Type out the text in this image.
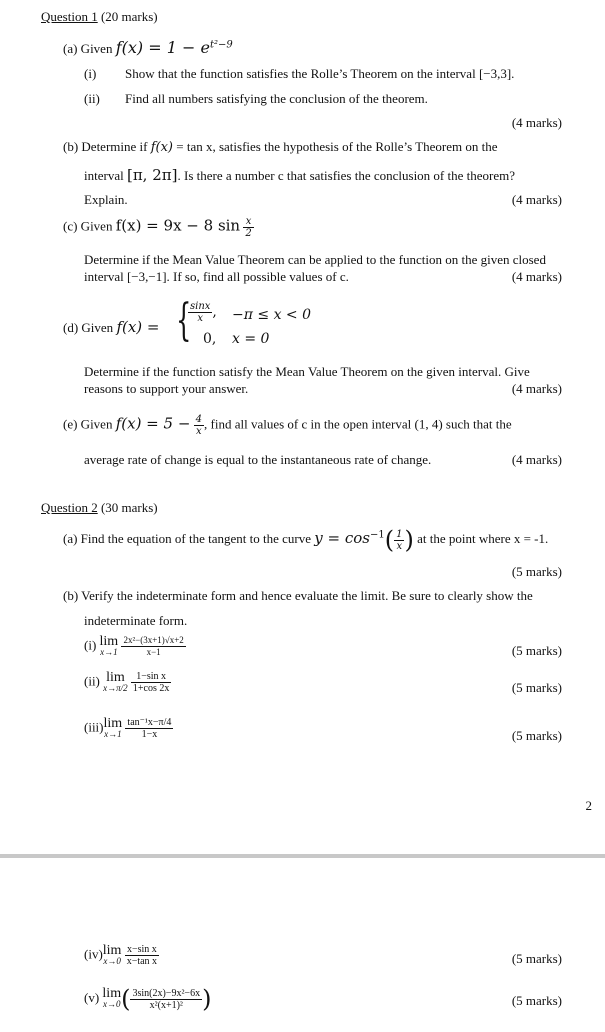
Question 1 (20 marks)
(a) Given $f(x) = 1 - e^{t^2-9}$
(i) Show that the function satisfies the Rolle’s Theorem on the interval [−3,3].
(ii) Find all numbers satisfying the conclusion of the theorem.
(4 marks)
(b) Determine if f(x) = tan x, satisfies the hypothesis of the Rolle’s Theorem on the
interval [π, 2π]. Is there a number c that satisfies the conclusion of the theorem?
Explain.	(4 marks)
(c) Given f(x) = 9x − 8 $\sin \frac{x}{2}$
Determine if the Mean Value Theorem can be applied to the function on the given closed
interval [−3,−1]. If so, find all possible values of c.	(4 marks)
(d) Given f(x) = {
$\frac{\sin x}{x}$ , −π ≤ x < 0
0, x = 0
Determine if the function satisfy the Mean Value Theorem on the given interval. Give
reasons to support your answer.	(4 marks)
(e) Given $f(x) = 5 - \frac{4}{x}$ , find all values of c in the open interval (1, 4) such that the
average rate of change is equal to the instantaneous rate of change.	(4 marks)
Question 2 (30 marks)
(a) Find the equation of the tangent to the curve $y = \cos^{-1}( \frac{1}{x}$ ) at the point where x = -1.
(5 marks)
(b) Verify the indeterminate form and hence evaluate the limit. Be sure to clearly show the
indeterminate form.
(i) lim
x→1
$\frac{\text{2x²−(3x+1)√x+2}}{x-1}$	(5 marks)
(ii) lim
x→π/2
$\frac{\text{1−sin x}}{1+\cos 2x}$	(5 marks)
(iii) lim
x→1
$\frac{\text{tan⁻¹x−π/4}}{1-x}$	(5 marks)
2
(iv) lim
x→0
$\frac{\text{x−sin x}}{\text{x−tan x}}$	(5 marks)
(v) lim
x→0 ( $\frac{\text{3sin(2x)−9x²−6x}}{\text{x²(x+1)²}}$ )	(5 marks)
